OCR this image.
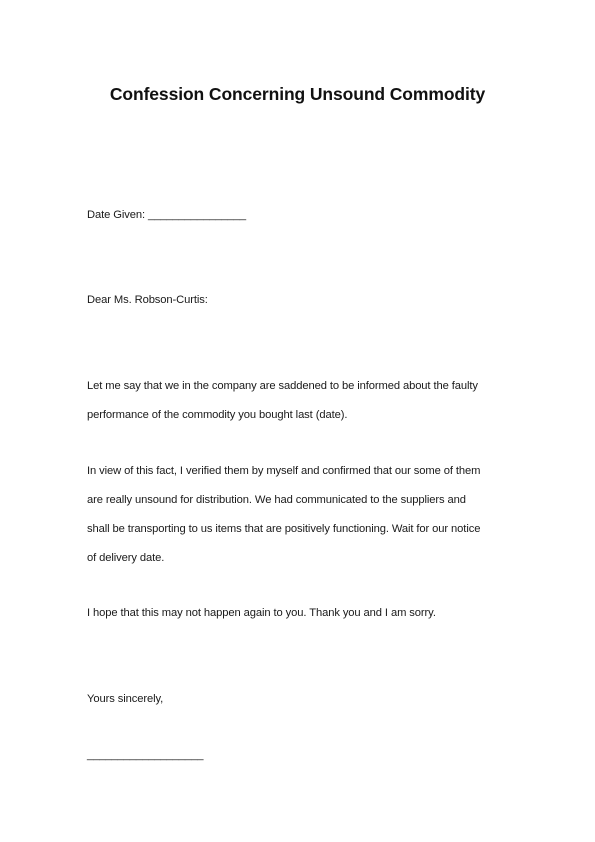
Confession Concerning Unsound Commodity
Date Given: ________________
Dear Ms. Robson-Curtis:
Let me say that we in the company are saddened to be informed about the faulty
performance of the commodity you bought last (date).
In view of this fact, I verified them by myself and confirmed that our some of them
are really unsound for distribution. We had communicated to the suppliers and
shall be transporting to us items that are positively functioning. Wait for our notice
of delivery date.
I hope that this may not happen again to you. Thank you and I am sorry.
Yours sincerely,
___________________
